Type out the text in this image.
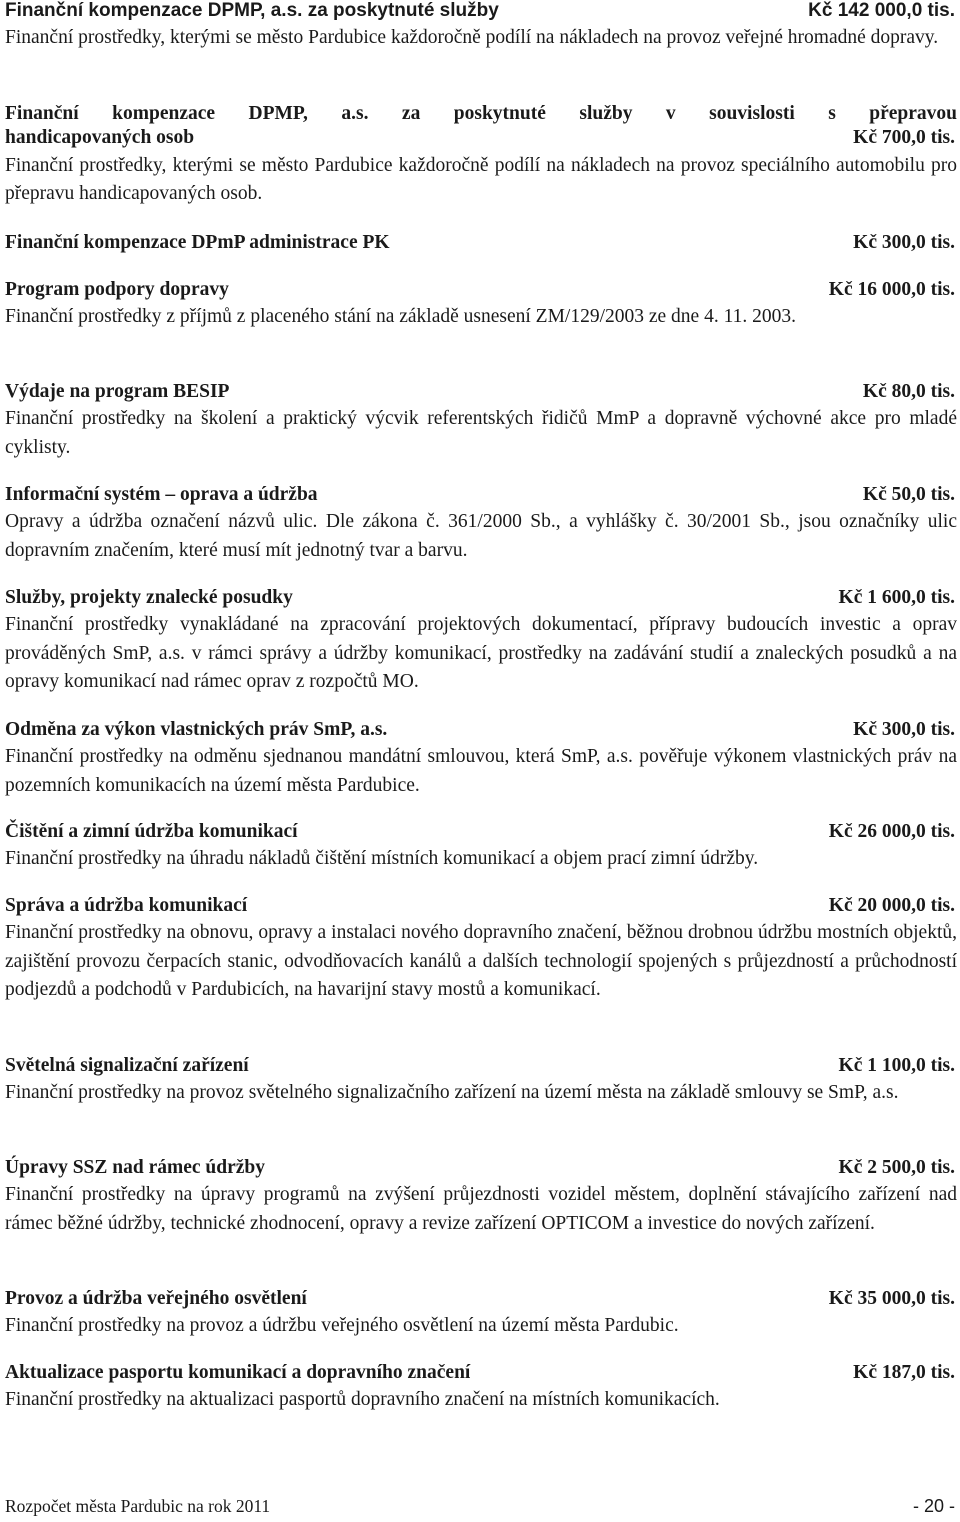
Finanční kompenzace DPMP, a.s. za poskytnuté služby	Kč 142 000,0 tis.

Finanční prostředky, kterými se město Pardubice každoročně podílí na nákladech na provoz veřejné hromadné dopravy.

Finanční kompenzace DPMP, a.s. za poskytnuté služby v souvislosti s přepravou

handicapovaných osob	Kč 700,0 tis.

Finanční prostředky, kterými se město Pardubice každoročně podílí na nákladech na provoz speciálního automobilu pro přepravu handicapovaných osob.

Finanční kompenzace DPmP administrace PK	Kč 300,0 tis.
Program podpory dopravy	Kč 16 000,0 tis.

Finanční prostředky z příjmů z placeného stání na základě usnesení ZM/129/2003 ze dne 4. 11. 2003.

Výdaje na program BESIP	Kč 80,0 tis.

Finanční prostředky na školení a praktický výcvik referentských řidičů MmP a dopravně výchovné akce pro mladé cyklisty.

Informační systém – oprava a údržba	Kč 50,0 tis.

Opravy a údržba označení názvů ulic. Dle zákona č. 361/2000 Sb., a vyhlášky č. 30/2001 Sb., jsou označníky ulic dopravním značením, které musí mít jednotný tvar a barvu.

Služby, projekty znalecké posudky	Kč 1 600,0 tis.

Finanční prostředky vynakládané na zpracování projektových dokumentací, přípravy budoucích investic a oprav prováděných SmP, a.s. v rámci správy a údržby komunikací, prostředky na zadávání studií a znaleckých posudků a na opravy komunikací nad rámec oprav z rozpočtů MO.

Odměna za výkon vlastnických práv SmP, a.s.	Kč 300,0 tis.

Finanční prostředky na odměnu sjednanou mandátní smlouvou, která SmP, a.s. pověřuje výkonem vlastnických práv na pozemních komunikacích na území města Pardubice.

Čištění a zimní údržba komunikací	Kč 26 000,0 tis.

Finanční prostředky na úhradu nákladů čištění místních komunikací a objem prací zimní údržby.

Správa a údržba komunikací	Kč 20 000,0 tis.

Finanční prostředky na obnovu, opravy a instalaci nového dopravního značení, běžnou drobnou údržbu mostních objektů, zajištění provozu čerpacích stanic, odvodňovacích kanálů a dalších technologií spojených s průjezdností a průchodností podjezdů a podchodů v Pardubicích, na havarijní stavy mostů a komunikací.

Světelná signalizační zařízení	Kč 1 100,0 tis.

Finanční prostředky na provoz světelného signalizačního zařízení na území města na základě smlouvy se SmP, a.s.

Úpravy SSZ nad rámec údržby	Kč 2 500,0 tis.

Finanční prostředky na úpravy programů na zvýšení průjezdnosti vozidel městem, doplnění stávajícího zařízení nad rámec běžné údržby, technické zhodnocení, opravy a revize zařízení OPTICOM a investice do nových zařízení.

Provoz a údržba veřejného osvětlení	Kč 35 000,0 tis.

Finanční prostředky na provoz a údržbu veřejného osvětlení na území města Pardubic.

Aktualizace pasportu komunikací a dopravního značení	Kč 187,0 tis.

Finanční prostředky na aktualizaci pasportů dopravního značení na místních komunikacích.

Rozpočet města Pardubic na rok 2011	- 20 -
